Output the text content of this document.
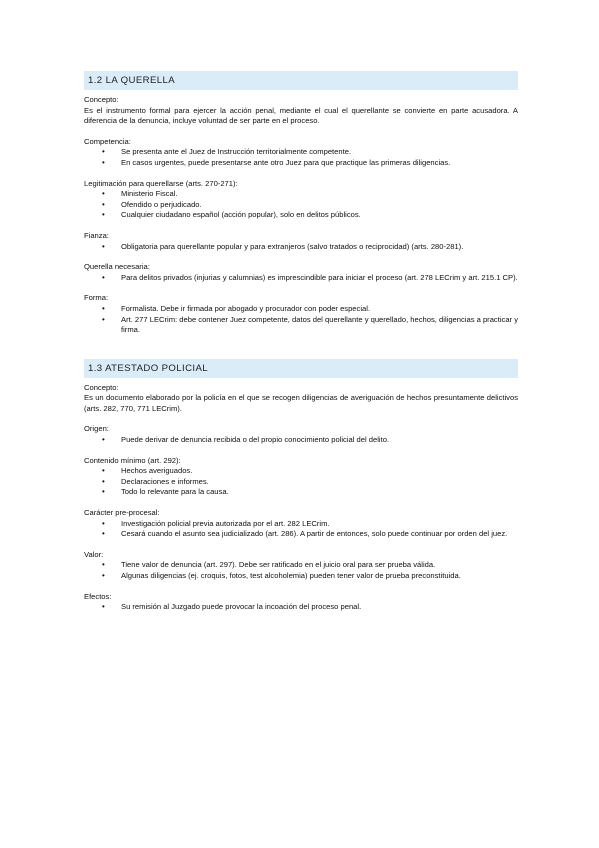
1.2 LA QUERELLA
Concepto:
Es el instrumento formal para ejercer la acción penal, mediante el cual el querellante se convierte en parte acusadora. A diferencia de la denuncia, incluye voluntad de ser parte en el proceso.
Competencia:
• Se presenta ante el Juez de Instrucción territorialmente competente.
• En casos urgentes, puede presentarse ante otro Juez para que practique las primeras diligencias.
Legitimación para querellarse (arts. 270-271):
• Ministerio Fiscal.
• Ofendido o perjudicado.
• Cualquier ciudadano español (acción popular), solo en delitos públicos.
Fianza:
• Obligatoria para querellante popular y para extranjeros (salvo tratados o reciprocidad) (arts. 280-281).
Querella necesaria:
• Para delitos privados (injurias y calumnias) es imprescindible para iniciar el proceso (art. 278 LECrim y art. 215.1 CP).
Forma:
• Formalista. Debe ir firmada por abogado y procurador con poder especial.
• Art. 277 LECrim: debe contener Juez competente, datos del querellante y querellado, hechos, diligencias a practicar y firma.
1.3 ATESTADO POLICIAL
Concepto:
Es un documento elaborado por la policía en el que se recogen diligencias de averiguación de hechos presuntamente delictivos (arts. 282, 770, 771 LECrim).
Origen:
• Puede derivar de denuncia recibida o del propio conocimiento policial del delito.
Contenido mínimo (art. 292):
• Hechos averiguados.
• Declaraciones e informes.
• Todo lo relevante para la causa.
Carácter pre-procesal:
• Investigación policial previa autorizada por el art. 282 LECrim.
• Cesará cuando el asunto sea judicializado (art. 286). A partir de entonces, solo puede continuar por orden del juez.
Valor:
• Tiene valor de denuncia (art. 297). Debe ser ratificado en el juicio oral para ser prueba válida.
• Algunas diligencias (ej. croquis, fotos, test alcoholemia) pueden tener valor de prueba preconstituida.
Efectos:
• Su remisión al Juzgado puede provocar la incoación del proceso penal.
